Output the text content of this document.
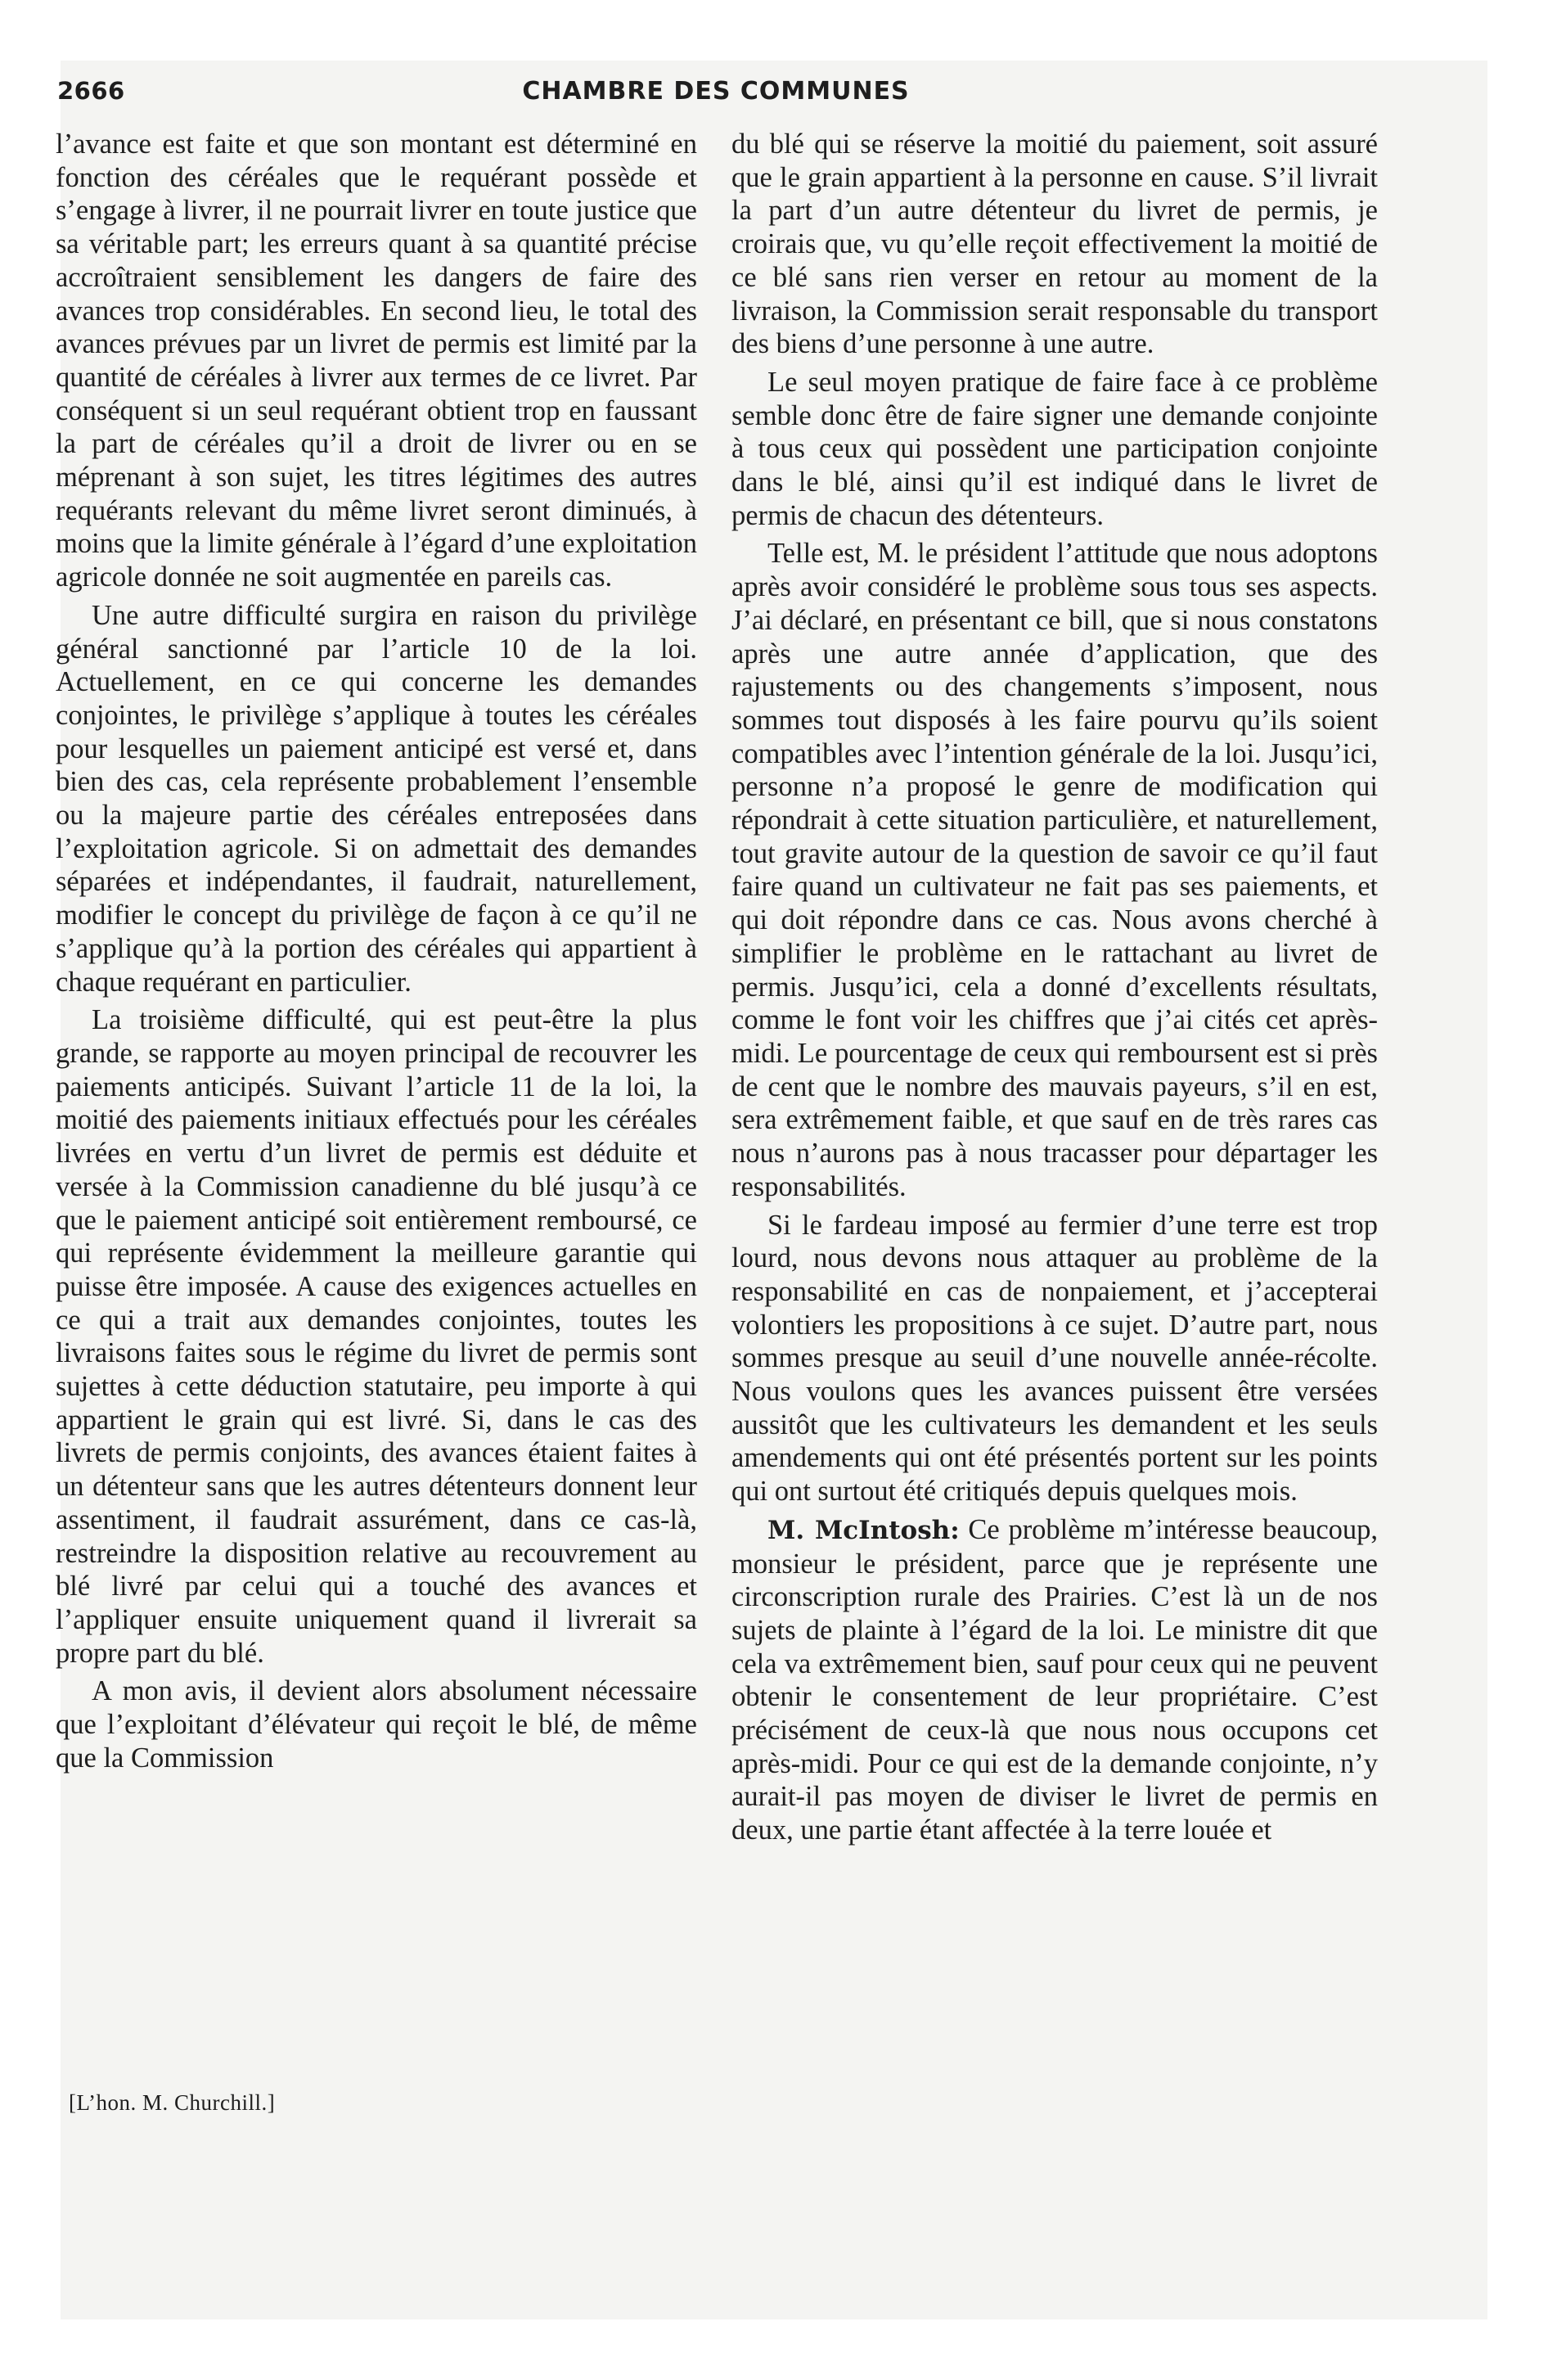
2666	CHAMBRE DES COMMUNES

l’avance est faite et que son montant est déterminé en fonction des céréales que le requérant possède et s’engage à livrer, il ne pourrait livrer en toute justice que sa véritable part; les erreurs quant à sa quantité précise accroîtraient sensiblement les dangers de faire des avances trop considérables. En second lieu, le total des avances prévues par un livret de permis est limité par la quantité de céréales à livrer aux termes de ce livret. Par conséquent si un seul requérant obtient trop en faussant la part de céréales qu’il a droit de livrer ou en se méprenant à son sujet, les titres légitimes des autres requérants relevant du même livret seront diminués, à moins que la limite générale à l’égard d’une exploitation agricole donnée ne soit augmentée en pareils cas.

Une autre difficulté surgira en raison du privilège général sanctionné par l’article 10 de la loi. Actuellement, en ce qui concerne les demandes conjointes, le privilège s’applique à toutes les céréales pour lesquelles un paiement anticipé est versé et, dans bien des cas, cela représente probablement l’ensemble ou la majeure partie des céréales entreposées dans l’exploitation agricole. Si on admettait des demandes séparées et indépendantes, il faudrait, naturellement, modifier le concept du privilège de façon à ce qu’il ne s’applique qu’à la portion des céréales qui appartient à chaque requérant en particulier.

La troisième difficulté, qui est peut-être la plus grande, se rapporte au moyen principal de recouvrer les paiements anticipés. Suivant l’article 11 de la loi, la moitié des paiements initiaux effectués pour les céréales livrées en vertu d’un livret de permis est déduite et versée à la Commission canadienne du blé jusqu’à ce que le paiement anticipé soit entièrement remboursé, ce qui représente évidemment la meilleure garantie qui puisse être imposée. A cause des exigences actuelles en ce qui a trait aux demandes conjointes, toutes les livraisons faites sous le régime du livret de permis sont sujettes à cette déduction statutaire, peu importe à qui appartient le grain qui est livré. Si, dans le cas des livrets de permis conjoints, des avances étaient faites à un détenteur sans que les autres détenteurs donnent leur assentiment, il faudrait assurément, dans ce cas-là, restreindre la disposition relative au recouvrement au blé livré par celui qui a touché des avances et l’appliquer ensuite uniquement quand il livrerait sa propre part du blé.

A mon avis, il devient alors absolument nécessaire que l’exploitant d’élévateur qui reçoit le blé, de même que la Commission

du blé qui se réserve la moitié du paiement, soit assuré que le grain appartient à la personne en cause. S’il livrait la part d’un autre détenteur du livret de permis, je croirais que, vu qu’elle reçoit effectivement la moitié de ce blé sans rien verser en retour au moment de la livraison, la Commission serait responsable du transport des biens d’une personne à une autre.

Le seul moyen pratique de faire face à ce problème semble donc être de faire signer une demande conjointe à tous ceux qui possèdent une participation conjointe dans le blé, ainsi qu’il est indiqué dans le livret de permis de chacun des détenteurs.

Telle est, M. le président l’attitude que nous adoptons après avoir considéré le problème sous tous ses aspects. J’ai déclaré, en présentant ce bill, que si nous constatons après une autre année d’application, que des rajustements ou des changements s’imposent, nous sommes tout disposés à les faire pourvu qu’ils soient compatibles avec l’intention générale de la loi. Jusqu’ici, personne n’a proposé le genre de modification qui répondrait à cette situation particulière, et naturellement, tout gravite autour de la question de savoir ce qu’il faut faire quand un cultivateur ne fait pas ses paiements, et qui doit répondre dans ce cas. Nous avons cherché à simplifier le problème en le rattachant au livret de permis. Jusqu’ici, cela a donné d’excellents résultats, comme le font voir les chiffres que j’ai cités cet après-midi. Le pourcentage de ceux qui remboursent est si près de cent que le nombre des mauvais payeurs, s’il en est, sera extrêmement faible, et que sauf en de très rares cas nous n’aurons pas à nous tracasser pour départager les responsabilités.

Si le fardeau imposé au fermier d’une terre est trop lourd, nous devons nous attaquer au problème de la responsabilité en cas de nonpaiement, et j’accepterai volontiers les propositions à ce sujet. D’autre part, nous sommes presque au seuil d’une nouvelle année-récolte. Nous voulons ques les avances puissent être versées aussitôt que les cultivateurs les demandent et les seuls amendements qui ont été présentés portent sur les points qui ont surtout été critiqués depuis quelques mois.

M. McIntosh: Ce problème m’intéresse beaucoup, monsieur le président, parce que je représente une circonscription rurale des Prairies. C’est là un de nos sujets de plainte à l’égard de la loi. Le ministre dit que cela va extrêmement bien, sauf pour ceux qui ne peuvent obtenir le consentement de leur propriétaire. C’est précisément de ceux-là que nous nous occupons cet après-midi. Pour ce qui est de la demande conjointe, n’y aurait-il pas moyen de diviser le livret de permis en deux, une partie étant affectée à la terre louée et

[L’hon. M. Churchill.]
